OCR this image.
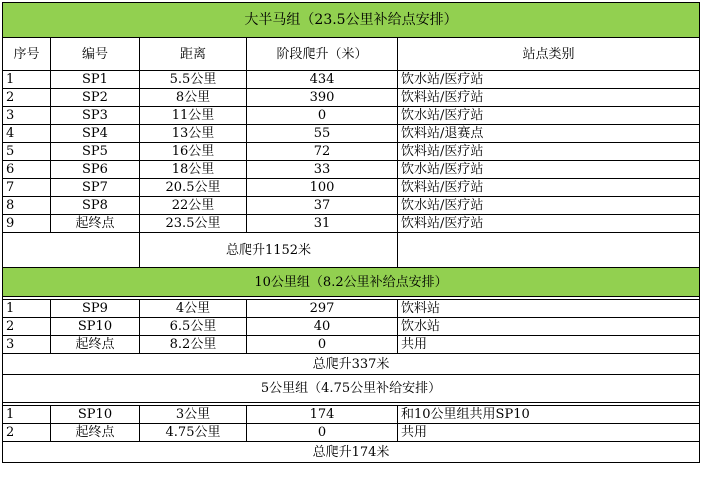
大半马组（23.5公里补给点安排）				
序号	编号	距离	阶段爬升（米）	站点类别
1	SP1	5.5公里	434	饮水站/医疗站
2	SP2	8公里	390	饮料站/医疗站
3	SP3	11公里	0	饮水站/医疗站
4	SP4	13公里	55	饮料站/退赛点
5	SP5	16公里	72	饮料站/医疗站
6	SP6	18公里	33	饮水站/医疗站
7	SP7	20.5公里	100	饮料站/医疗站
8	SP8	22公里	37	饮水站/医疗站
9	起终点	23.5公里	31	饮料站/医疗站
		总爬升1152米		
10公里组（8.2公里补给点安排）				

1	SP9	4公里	297	饮料站
2	SP10	6.5公里	40	饮水站
3	起终点	8.2公里	0	共用
总爬升337米				
5公里组（4.75公里补给安排）				

1	SP10	3公里	174	和10公里组共用SP10
2	起终点	4.75公里	0	共用
总爬升174米				
